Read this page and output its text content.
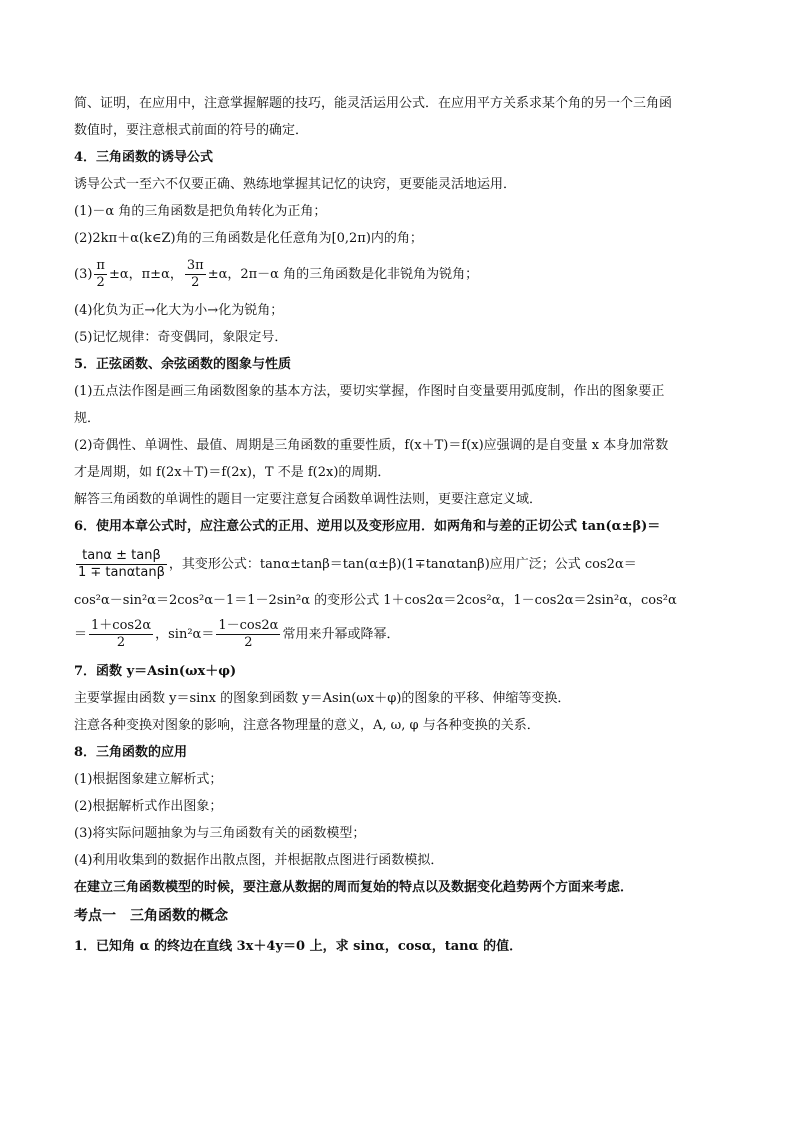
简、证明，在应用中，注意掌握解题的技巧，能灵活运用公式．在应用平方关系求某个角的另一个三角函
数值时，要注意根式前面的符号的确定．
4．三角函数的诱导公式
诱导公式一至六不仅要正确、熟练地掌握其记忆的诀窍，更要能灵活地运用．
(1)－α 角的三角函数是把负角转化为正角；
(2)2kπ＋α(k∈Z)角的三角函数是化任意角为[0,2π)内的角；
$(3) \frac{\pi}{2} \pm\alpha$，π±α， $\frac{3\pi}{2} \pm\alpha$，2π－α 角的三角函数是化非锐角为锐角；
(4)化负为正→化大为小→化为锐角；
(5)记忆规律：奇变偶同，象限定号．
5．正弦函数、余弦函数的图象与性质
(1)五点法作图是画三角函数图象的基本方法，要切实掌握，作图时自变量要用弧度制，作出的图象要正
规．
(2)奇偶性、单调性、最值、周期是三角函数的重要性质，f(x＋T)＝f(x)应强调的是自变量 x 本身加常数
才是周期，如 f(2x＋T)＝f(2x)，T 不是 f(2x)的周期．
解答三角函数的单调性的题目一定要注意复合函数单调性法则，更要注意定义域．
6．使用本章公式时，应注意公式的正用、逆用以及变形应用．如两角和与差的正切公式 tan(α±β)＝
$\frac{\tan\alpha \pm \tan\beta}{1 \mp \tan\alpha\tan\beta}$ ，其变形公式：tanα±tanβ＝tan(α±β)(1∓tanαtanβ)应用广泛；公式 cos2α＝
cos²α－sin²α＝2cos²α－1＝1－2sin²α 的变形公式 1＋cos2α＝2cos²α，1－cos2α＝2sin²α，cos²α
＝ $\frac{1+\cos 2\alpha}{2}$ ，$\sin^2\alpha= \frac{1-\cos 2\alpha}{2}$ 常用来升幂或降幂．
7．函数 y＝Asin(ωx＋φ)
主要掌握由函数 y＝sinx 的图象到函数 y＝Asin(ωx＋φ)的图象的平移、伸缩等变换．
注意各种变换对图象的影响，注意各物理量的意义，A, ω, φ 与各种变换的关系．
8．三角函数的应用
(1)根据图象建立解析式；
(2)根据解析式作出图象；
(3)将实际问题抽象为与三角函数有关的函数模型；
(4)利用收集到的数据作出散点图，并根据散点图进行函数模拟．
在建立三角函数模型的时候，要注意从数据的周而复始的特点以及数据变化趋势两个方面来考虑．
考点一　三角函数的概念
1．已知角 α 的终边在直线 3x＋4y＝0 上，求 sinα，cosα，tanα 的值．
